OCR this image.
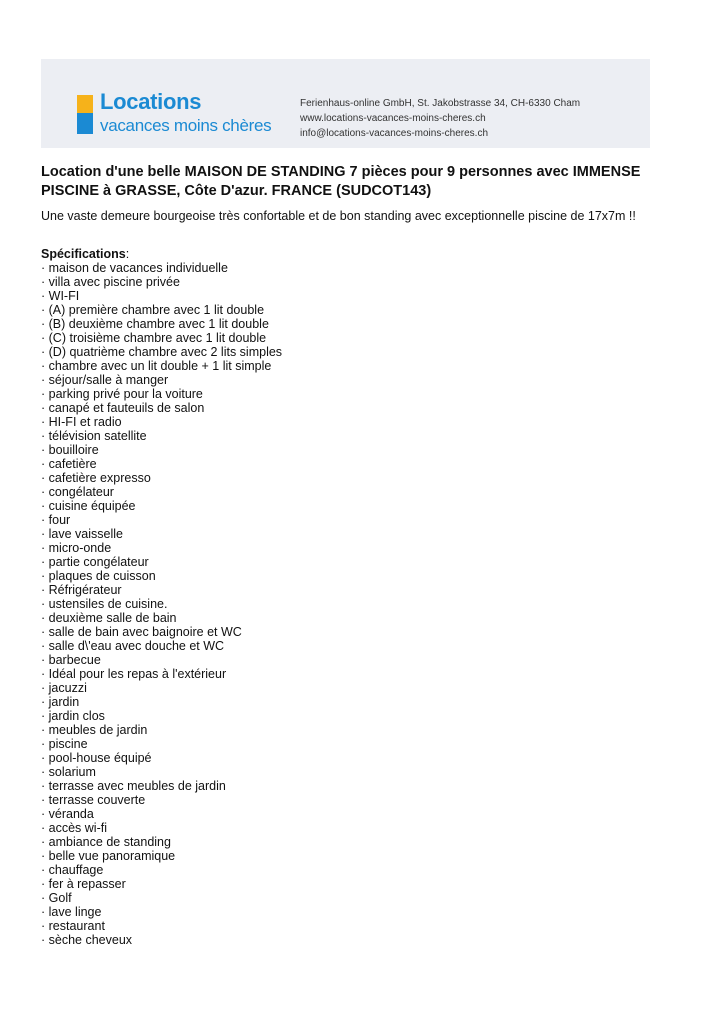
Locations
vacances moins chères
Ferienhaus-online GmbH, St. Jakobstrasse 34, CH-6330 Cham
www.locations-vacances-moins-cheres.ch
info@locations-vacances-moins-cheres.ch
Location d'une belle MAISON DE STANDING 7 pièces pour 9 personnes avec IMMENSE PISCINE à GRASSE, Côte D'azur. FRANCE (SUDCOT143)
Une vaste demeure bourgeoise très confortable et de bon standing avec exceptionnelle piscine de 17x7m !!
Spécifications:
· maison de vacances individuelle
· villa avec piscine privée
· WI-FI
· (A) première chambre avec 1 lit double
· (B) deuxième chambre avec 1 lit double
· (C) troisième chambre avec 1 lit double
· (D) quatrième chambre avec 2 lits simples
· chambre avec un lit double + 1 lit simple
· séjour/salle à manger
· parking privé pour la voiture
· canapé et fauteuils de salon
· HI-FI et radio
· télévision satellite
· bouilloire
· cafetière
· cafetière expresso
· congélateur
· cuisine équipée
· four
· lave vaisselle
· micro-onde
· partie congélateur
· plaques de cuisson
· Réfrigérateur
· ustensiles de cuisine.
· deuxième salle de bain
· salle de bain avec baignoire et WC
· salle d\'eau avec douche et WC
· barbecue
· Idéal pour les repas à l'extérieur
· jacuzzi
· jardin
· jardin clos
· meubles de jardin
· piscine
· pool-house équipé
· solarium
· terrasse avec meubles de jardin
· terrasse couverte
· véranda
· accès wi-fi
· ambiance de standing
· belle vue panoramique
· chauffage
· fer à repasser
· Golf
· lave linge
· restaurant
· sèche cheveux
